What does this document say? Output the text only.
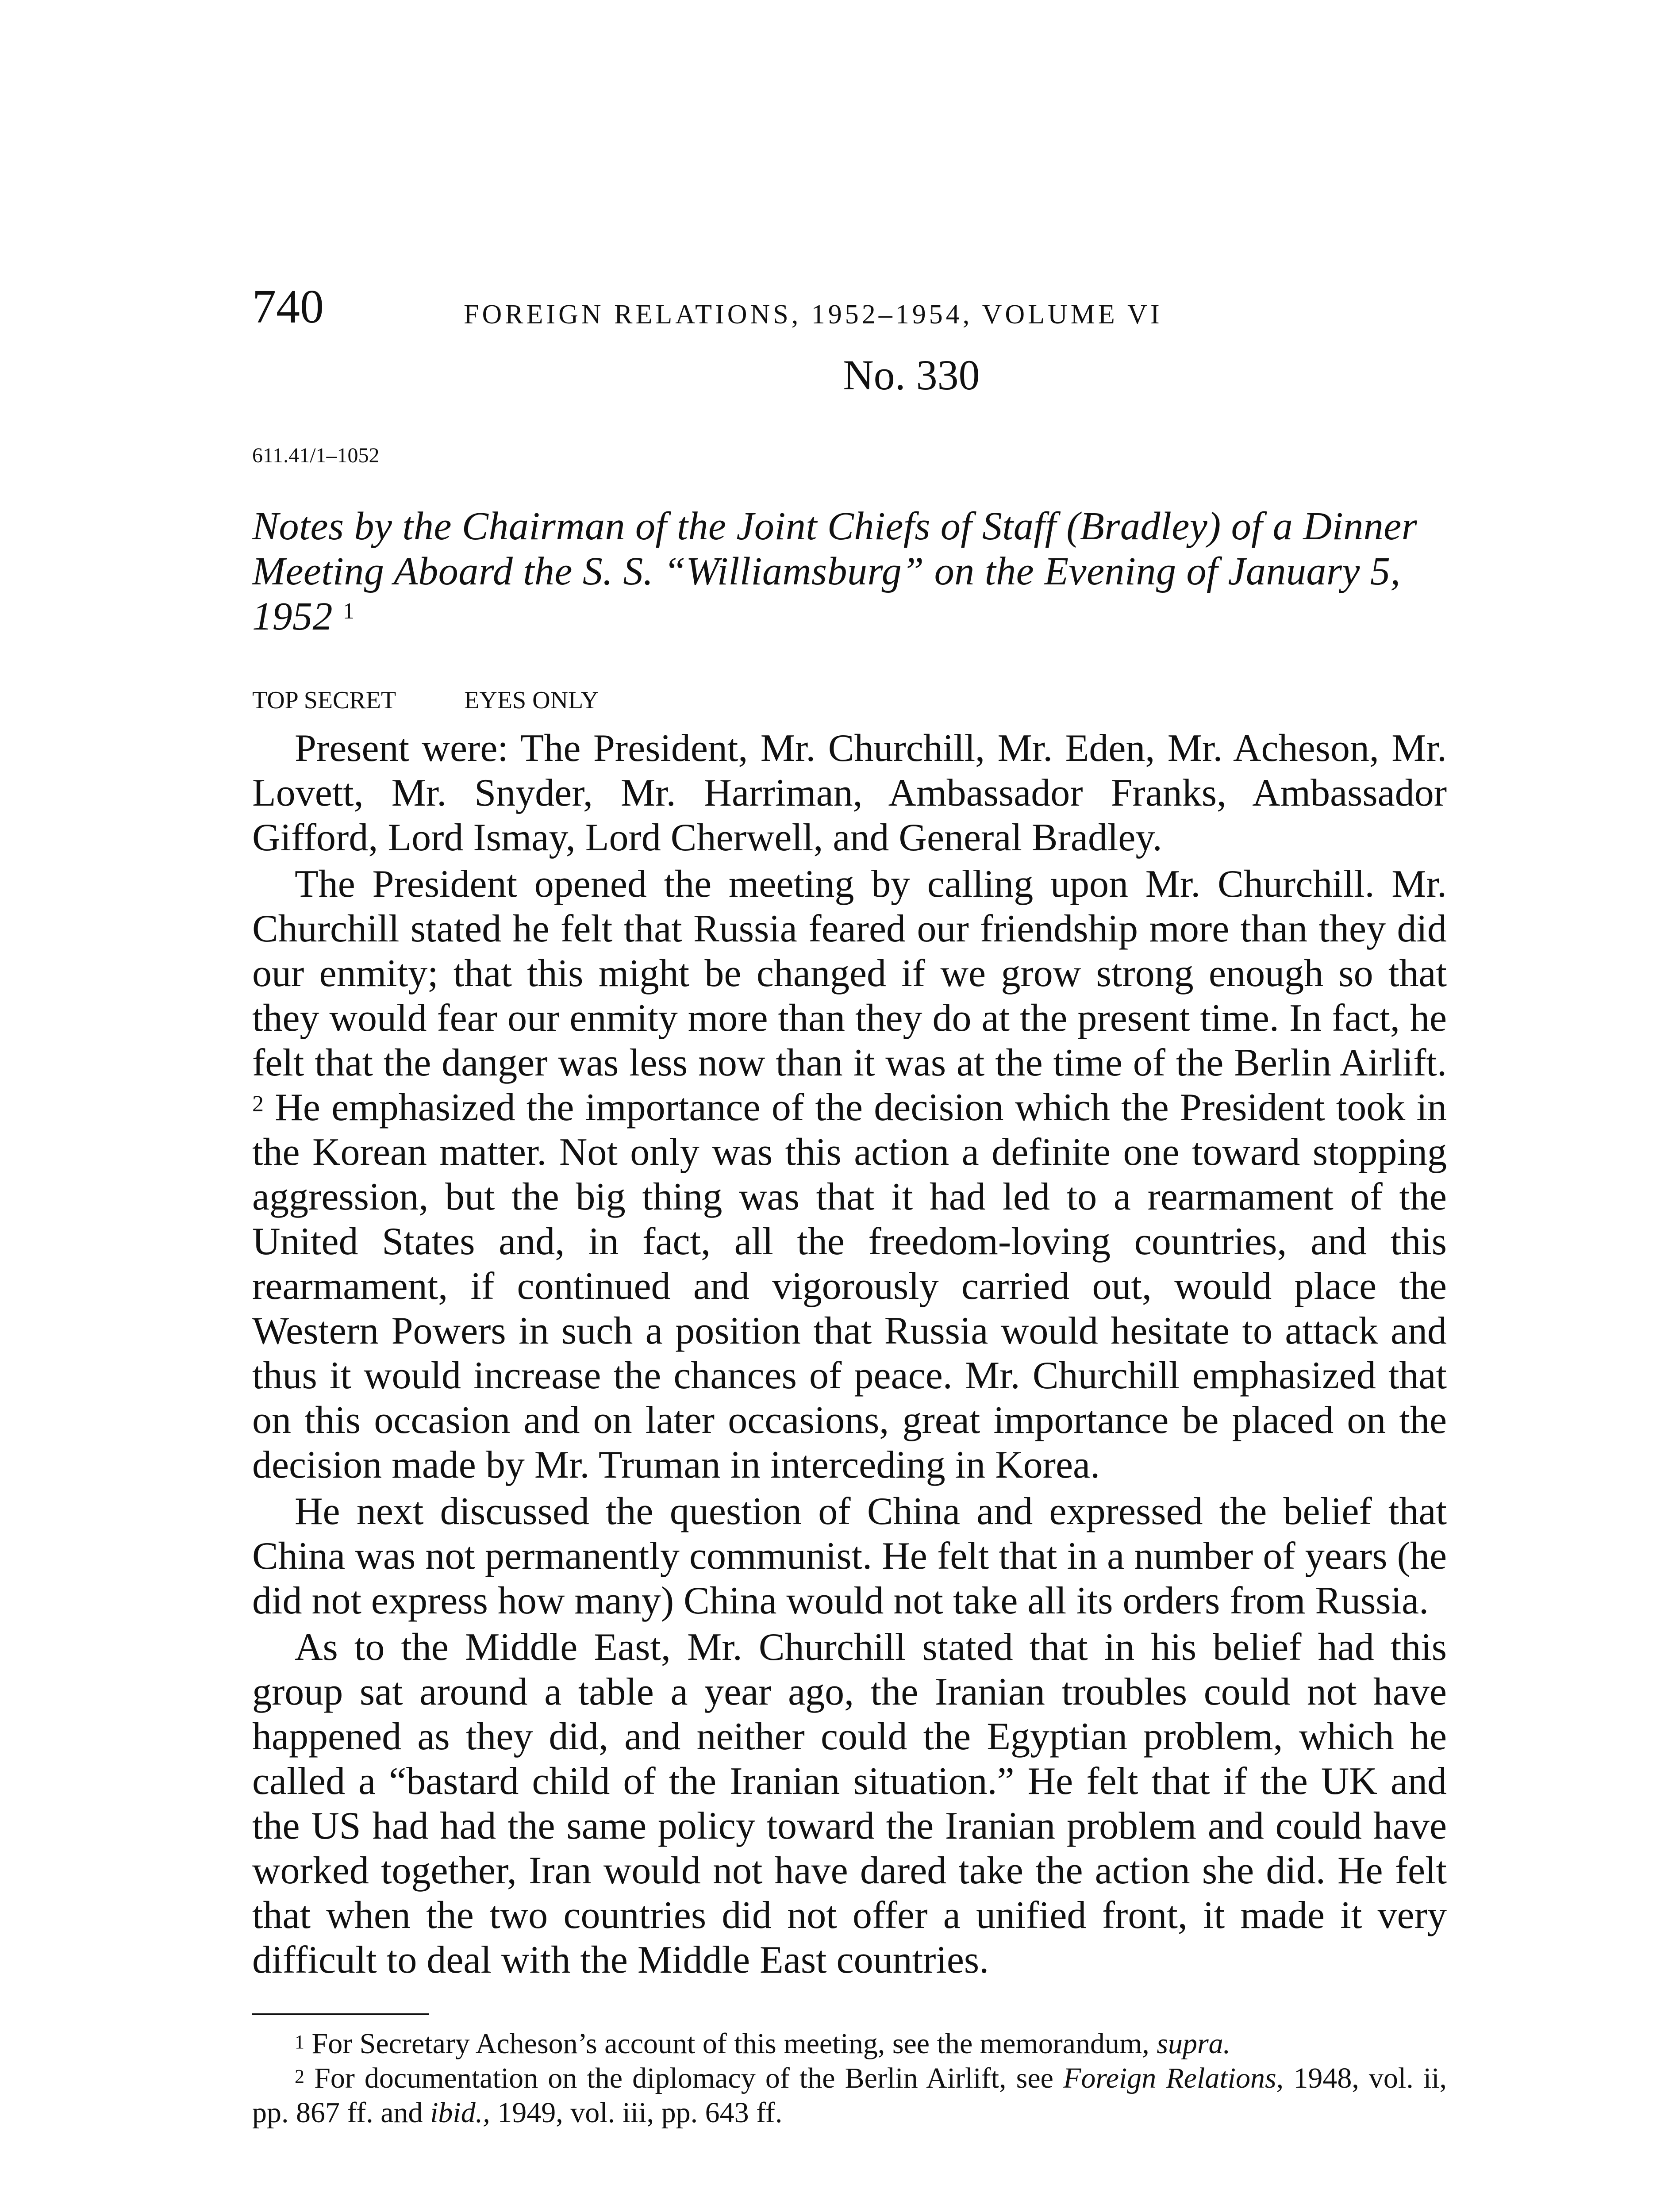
740	FOREIGN RELATIONS, 1952–1954, VOLUME VI
No. 330
611.41/1–1052
Notes by the Chairman of the Joint Chiefs of Staff (Bradley) of a Dinner Meeting Aboard the S. S. “Williamsburg” on the Evening of January 5, 1952 $^1$
TOP SECRET	EYES ONLY

Present were: The President, Mr. Churchill, Mr. Eden, Mr. Acheson, Mr. Lovett, Mr. Snyder, Mr. Harriman, Ambassador Franks, Ambassador Gifford, Lord Ismay, Lord Cherwell, and General Bradley.

The President opened the meeting by calling upon Mr. Churchill. Mr. Churchill stated he felt that Russia feared our friendship more than they did our enmity; that this might be changed if we grow strong enough so that they would fear our enmity more than they do at the present time. In fact, he felt that the danger was less now than it was at the time of the Berlin Airlift. $^2$ He emphasized the importance of the decision which the President took in the Korean matter. Not only was this action a definite one toward stopping aggression, but the big thing was that it had led to a rearmament of the United States and, in fact, all the freedom-loving countries, and this rearmament, if continued and vigorously carried out, would place the Western Powers in such a position that Russia would hesitate to attack and thus it would increase the chances of peace. Mr. Churchill emphasized that on this occasion and on later occasions, great importance be placed on the decision made by Mr. Truman in interceding in Korea.

He next discussed the question of China and expressed the belief that China was not permanently communist. He felt that in a number of years (he did not express how many) China would not take all its orders from Russia.

As to the Middle East, Mr. Churchill stated that in his belief had this group sat around a table a year ago, the Iranian troubles could not have happened as they did, and neither could the Egyptian problem, which he called a “bastard child of the Iranian situation.” He felt that if the UK and the US had had the same policy toward the Iranian problem and could have worked together, Iran would not have dared take the action she did. He felt that when the two countries did not offer a unified front, it made it very difficult to deal with the Middle East countries.

$^1$ For Secretary Acheson’s account of this meeting, see the memorandum, supra.

$^2$ For documentation on the diplomacy of the Berlin Airlift, see Foreign Relations, 1948, vol. ii, pp. 867 ff. and ibid., 1949, vol. iii, pp. 643 ff.
